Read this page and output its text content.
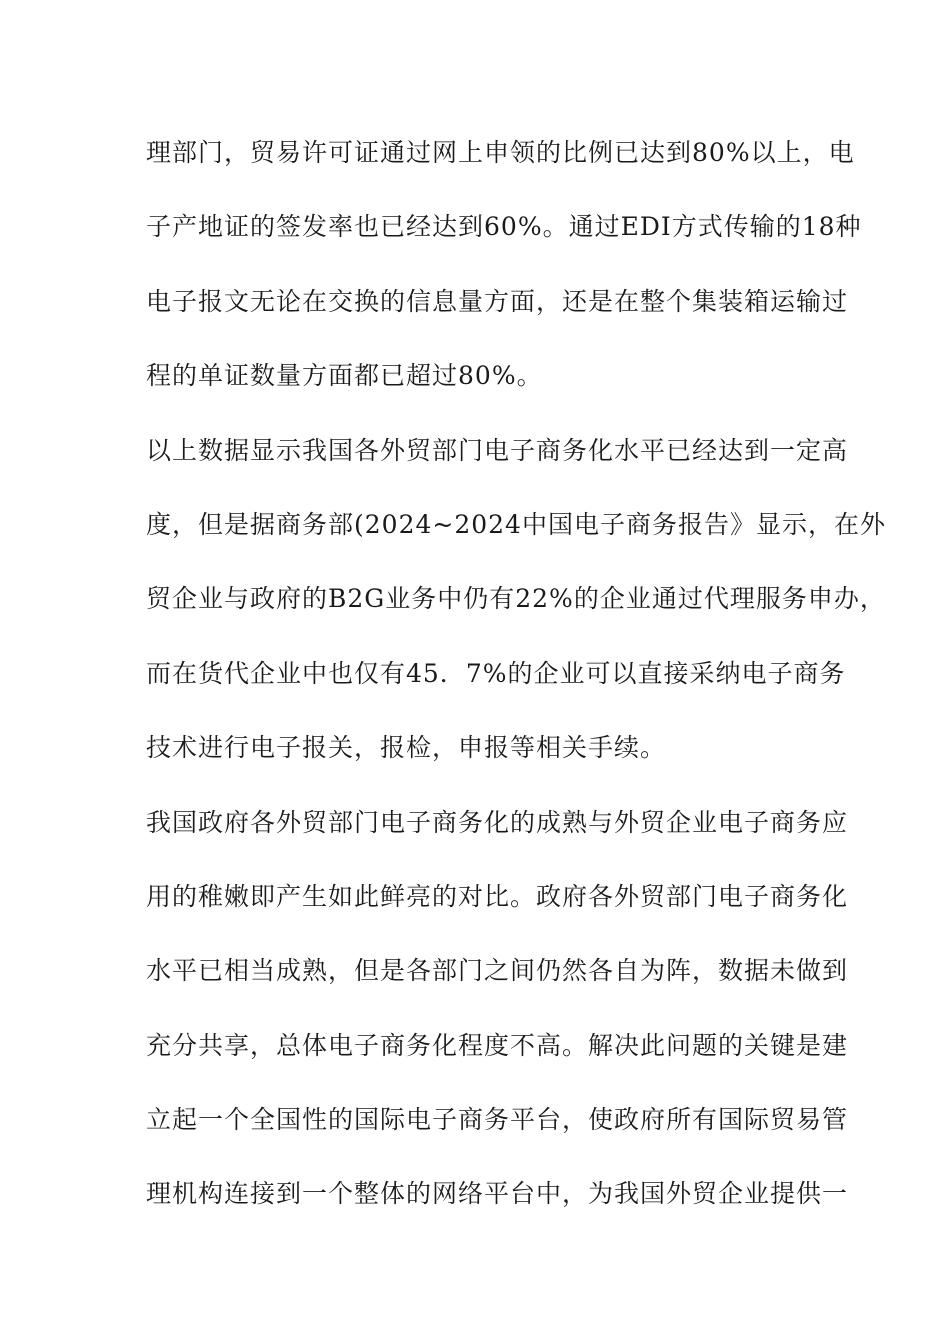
理部门，贸易许可证通过网上申领的比例已达到80%以上，电
子产地证的签发率也已经达到60%。通过EDI方式传输的18种
电子报文无论在交换的信息量方面，还是在整个集装箱运输过
程的单证数量方面都已超过80%。
以上数据显示我国各外贸部门电子商务化水平已经达到一定高
度，但是据商务部(2024~2024中国电子商务报告》显示，在外
贸企业与政府的B2G业务中仍有22%的企业通过代理服务申办，
而在货代企业中也仅有45．7%的企业可以直接采纳电子商务
技术进行电子报关，报检，申报等相关手续。
我国政府各外贸部门电子商务化的成熟与外贸企业电子商务应
用的稚嫩即产生如此鲜亮的对比。政府各外贸部门电子商务化
水平已相当成熟，但是各部门之间仍然各自为阵，数据未做到
充分共享，总体电子商务化程度不高。解决此问题的关键是建
立起一个全国性的国际电子商务平台，使政府所有国际贸易管
理机构连接到一个整体的网络平台中，为我国外贸企业提供一
